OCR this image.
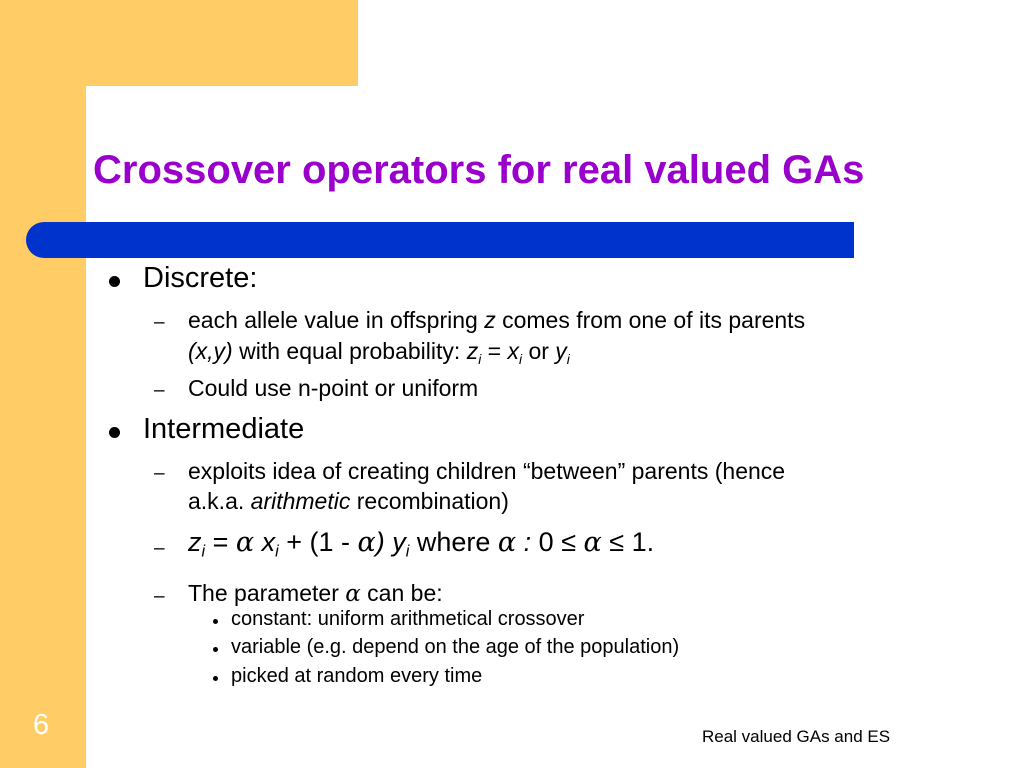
Crossover operators for real valued GAs
Discrete:
– each allele value in offspring z comes from one of its parents
(x,y) with equal probability: $z_i = x_i$ or $y_i$
– Could use n-point or uniform
Intermediate
– exploits idea of creating children “between” parents (hence
a.k.a. arithmetic recombination)
– $z_i = \alpha$ $x_i + (1 - \alpha)$ $y_i$ where α : 0 ≤ α ≤ 1.
– The parameter α can be:
constant: uniform arithmetical crossover
variable (e.g. depend on the age of the population)
picked at random every time
6	Real valued GAs and ES
